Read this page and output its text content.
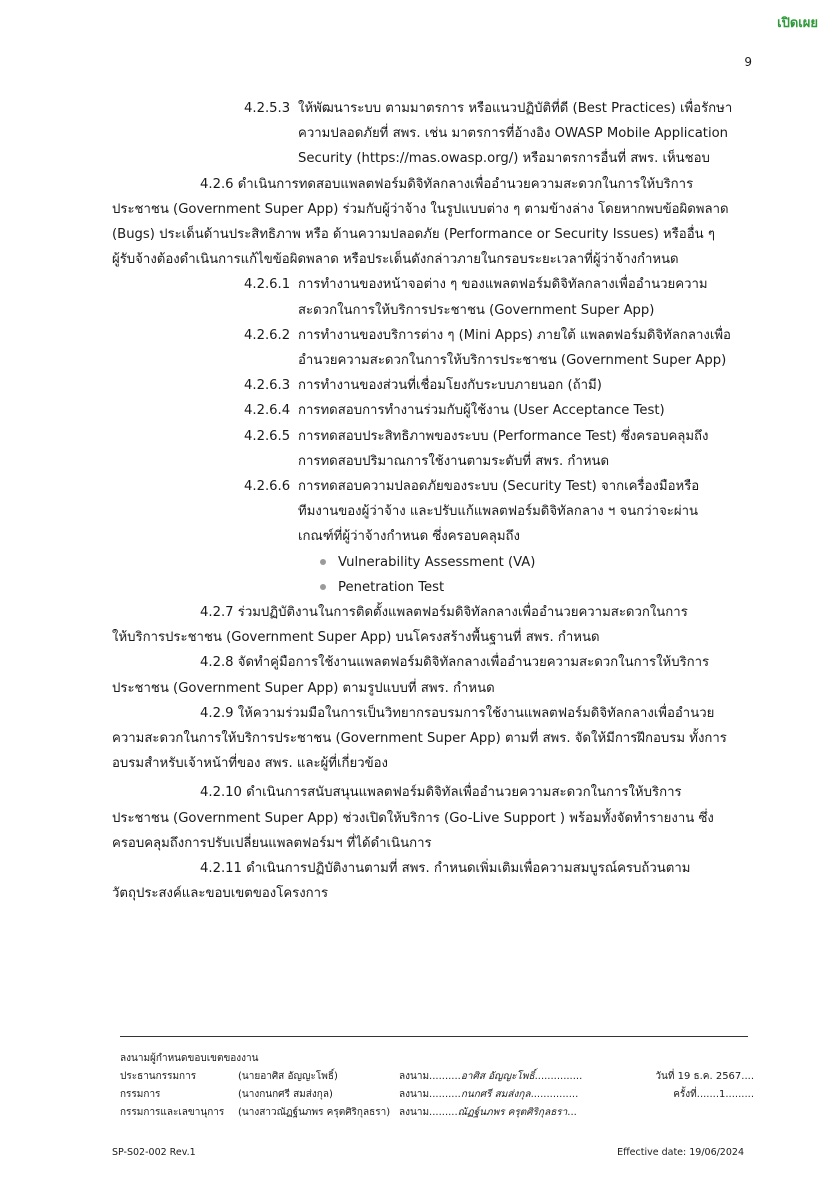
เปิดเผย
9
4.2.5.3 ให้พัฒนาระบบ ตามมาตรการ หรือแนวปฏิบัติที่ดี (Best Practices) เพื่อรักษา
ความปลอดภัยที่ สพร. เช่น มาตรการที่อ้างอิง OWASP Mobile Application
Security (https://mas.owasp.org/) หรือมาตรการอื่นที่ สพร. เห็นชอบ
4.2.6 ดำเนินการทดสอบแพลตฟอร์มดิจิทัลกลางเพื่ออำนวยความสะดวกในการให้บริการ
ประชาชน (Government Super App) ร่วมกับผู้ว่าจ้าง ในรูปแบบต่าง ๆ ตามข้างล่าง โดยหากพบข้อผิดพลาด
(Bugs) ประเด็นด้านประสิทธิภาพ หรือ ด้านความปลอดภัย (Performance or Security Issues) หรืออื่น ๆ
ผู้รับจ้างต้องดำเนินการแก้ไขข้อผิดพลาด หรือประเด็นดังกล่าวภายในกรอบระยะเวลาที่ผู้ว่าจ้างกำหนด
4.2.6.1 การทำงานของหน้าจอต่าง ๆ ของแพลตฟอร์มดิจิทัลกลางเพื่ออำนวยความ
สะดวกในการให้บริการประชาชน (Government Super App)
4.2.6.2 การทำงานของบริการต่าง ๆ (Mini Apps) ภายใต้ แพลตฟอร์มดิจิทัลกลางเพื่อ
อำนวยความสะดวกในการให้บริการประชาชน (Government Super App)
4.2.6.3 การทำงานของส่วนที่เชื่อมโยงกับระบบภายนอก (ถ้ามี)
4.2.6.4 การทดสอบการทำงานร่วมกับผู้ใช้งาน (User Acceptance Test)
4.2.6.5 การทดสอบประสิทธิภาพของระบบ (Performance Test) ซึ่งครอบคลุมถึง
การทดสอบปริมาณการใช้งานตามระดับที่ สพร. กำหนด
4.2.6.6 การทดสอบความปลอดภัยของระบบ (Security Test) จากเครื่องมือหรือ
ทีมงานของผู้ว่าจ้าง และปรับแก้แพลตฟอร์มดิจิทัลกลาง ฯ จนกว่าจะผ่าน
เกณฑ์ที่ผู้ว่าจ้างกำหนด ซึ่งครอบคลุมถึง
Vulnerability Assessment (VA)
Penetration Test
4.2.7 ร่วมปฏิบัติงานในการติดตั้งแพลตฟอร์มดิจิทัลกลางเพื่ออำนวยความสะดวกในการ
ให้บริการประชาชน (Government Super App) บนโครงสร้างพื้นฐานที่ สพร. กำหนด
4.2.8 จัดทำคู่มือการใช้งานแพลตฟอร์มดิจิทัลกลางเพื่ออำนวยความสะดวกในการให้บริการ
ประชาชน (Government Super App) ตามรูปแบบที่ สพร. กำหนด
4.2.9 ให้ความร่วมมือในการเป็นวิทยากรอบรมการใช้งานแพลตฟอร์มดิจิทัลกลางเพื่ออำนวย
ความสะดวกในการให้บริการประชาชน (Government Super App) ตามที่ สพร. จัดให้มีการฝึกอบรม ทั้งการ
อบรมสำหรับเจ้าหน้าที่ของ สพร. และผู้ที่เกี่ยวข้อง
4.2.10 ดำเนินการสนับสนุนแพลตฟอร์มดิจิทัลเพื่ออำนวยความสะดวกในการให้บริการ
ประชาชน (Government Super App) ช่วงเปิดให้บริการ (Go-Live Support ) พร้อมทั้งจัดทำรายงาน ซึ่ง
ครอบคลุมถึงการปรับเปลี่ยนแพลตฟอร์มฯ ที่ได้ดำเนินการ
4.2.11 ดำเนินการปฏิบัติงานตามที่ สพร. กำหนดเพิ่มเติมเพื่อความสมบูรณ์ครบถ้วนตาม
วัตถุประสงค์และขอบเขตของโครงการ
ลงนามผู้กำหนดขอบเขตของงาน
ประธานกรรมการ	(นายอาศิส อัญญะโพธิ์)	ลงนาม..........อาศิส อัญญะโพธิ์...............	วันที่ 19 ธ.ค. 2567....
กรรมการ	(นางกนกศรี สมส่งกุล)	ลงนาม..........กนกศรี สมส่งกุล...............	ครั้งที่.......1.........
กรรมการและเลขานุการ (นางสาวณัฏฐ์นภพร ครุตศิริกุลธรา) ลงนาม.........ณัฏฐ์นภพร ครุตศิริกุลธรา...
SP-S02-002 Rev.1	Effective date: 19/06/2024
